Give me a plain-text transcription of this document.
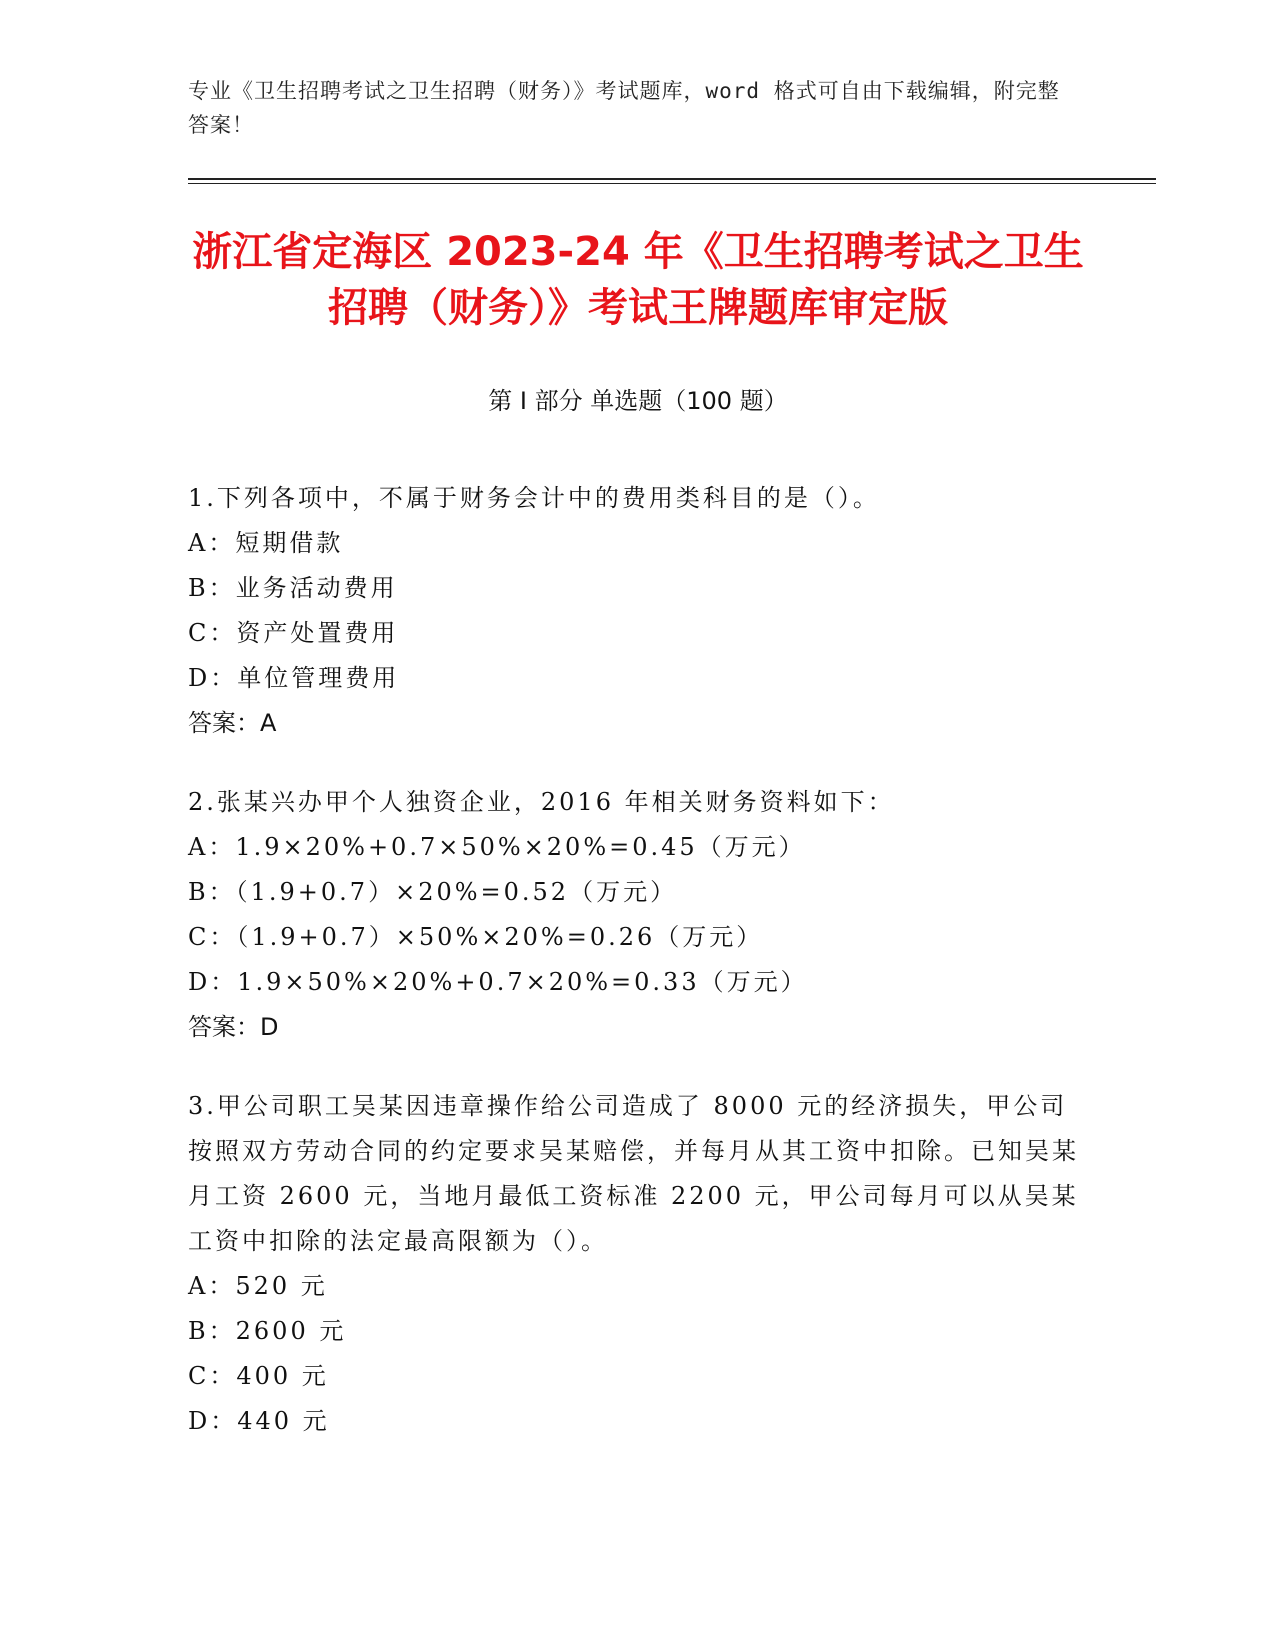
专业《卫生招聘考试之卫生招聘（财务）》考试题库，word 格式可自由下载编辑，附完整答案！
浙江省定海区 2023-24 年《卫生招聘考试之卫生招聘（财务）》考试王牌题库审定版
第 I 部分 单选题（100 题）

1.下列各项中，不属于财务会计中的费用类科目的是（）。

A：短期借款

B：业务活动费用

C：资产处置费用

D：单位管理费用

答案：A

2.张某兴办甲个人独资企业，2016 年相关财务资料如下：

A：1.9×20%+0.7×50%×20%=0.45（万元）

B：（1.9+0.7）×20%=0.52（万元）

C：（1.9+0.7）×50%×20%=0.26（万元）

D：1.9×50%×20%+0.7×20%=0.33（万元）

答案：D

3.甲公司职工吴某因违章操作给公司造成了 8000 元的经济损失，甲公司按照双方劳动合同的约定要求吴某赔偿，并每月从其工资中扣除。已知吴某月工资 2600 元，当地月最低工资标准 2200 元，甲公司每月可以从吴某工资中扣除的法定最高限额为（）。

A：520 元

B：2600 元

C：400 元

D：440 元
